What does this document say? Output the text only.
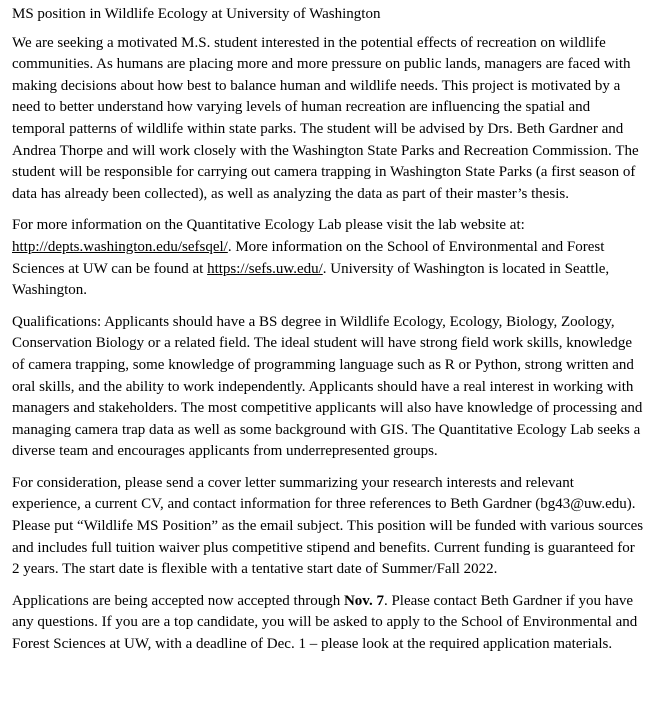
MS position in Wildlife Ecology at University of Washington

We are seeking a motivated M.S. student interested in the potential effects of recreation on wildlife communities. As humans are placing more and more pressure on public lands, managers are faced with making decisions about how best to balance human and wildlife needs. This project is motivated by a need to better understand how varying levels of human recreation are influencing the spatial and temporal patterns of wildlife within state parks. The student will be advised by Drs. Beth Gardner and Andrea Thorpe and will work closely with the Washington State Parks and Recreation Commission. The student will be responsible for carrying out camera trapping in Washington State Parks (a first season of data has already been collected), as well as analyzing the data as part of their master’s thesis.

For more information on the Quantitative Ecology Lab please visit the lab website at: http://depts.washington.edu/sefsqel/. More information on the School of Environmental and Forest Sciences at UW can be found at https://sefs.uw.edu/. University of Washington is located in Seattle, Washington.

Qualifications: Applicants should have a BS degree in Wildlife Ecology, Ecology, Biology, Zoology, Conservation Biology or a related field. The ideal student will have strong field work skills, knowledge of camera trapping, some knowledge of programming language such as R or Python, strong written and oral skills, and the ability to work independently. Applicants should have a real interest in working with managers and stakeholders. The most competitive applicants will also have knowledge of processing and managing camera trap data as well as some background with GIS. The Quantitative Ecology Lab seeks a diverse team and encourages applicants from underrepresented groups.

For consideration, please send a cover letter summarizing your research interests and relevant experience, a current CV, and contact information for three references to Beth Gardner (bg43@uw.edu). Please put “Wildlife MS Position” as the email subject. This position will be funded with various sources and includes full tuition waiver plus competitive stipend and benefits. Current funding is guaranteed for 2 years. The start date is flexible with a tentative start date of Summer/Fall 2022.

Applications are being accepted now accepted through Nov. 7. Please contact Beth Gardner if you have any questions. If you are a top candidate, you will be asked to apply to the School of Environmental and Forest Sciences at UW, with a deadline of Dec. 1 – please look at the required application materials.
